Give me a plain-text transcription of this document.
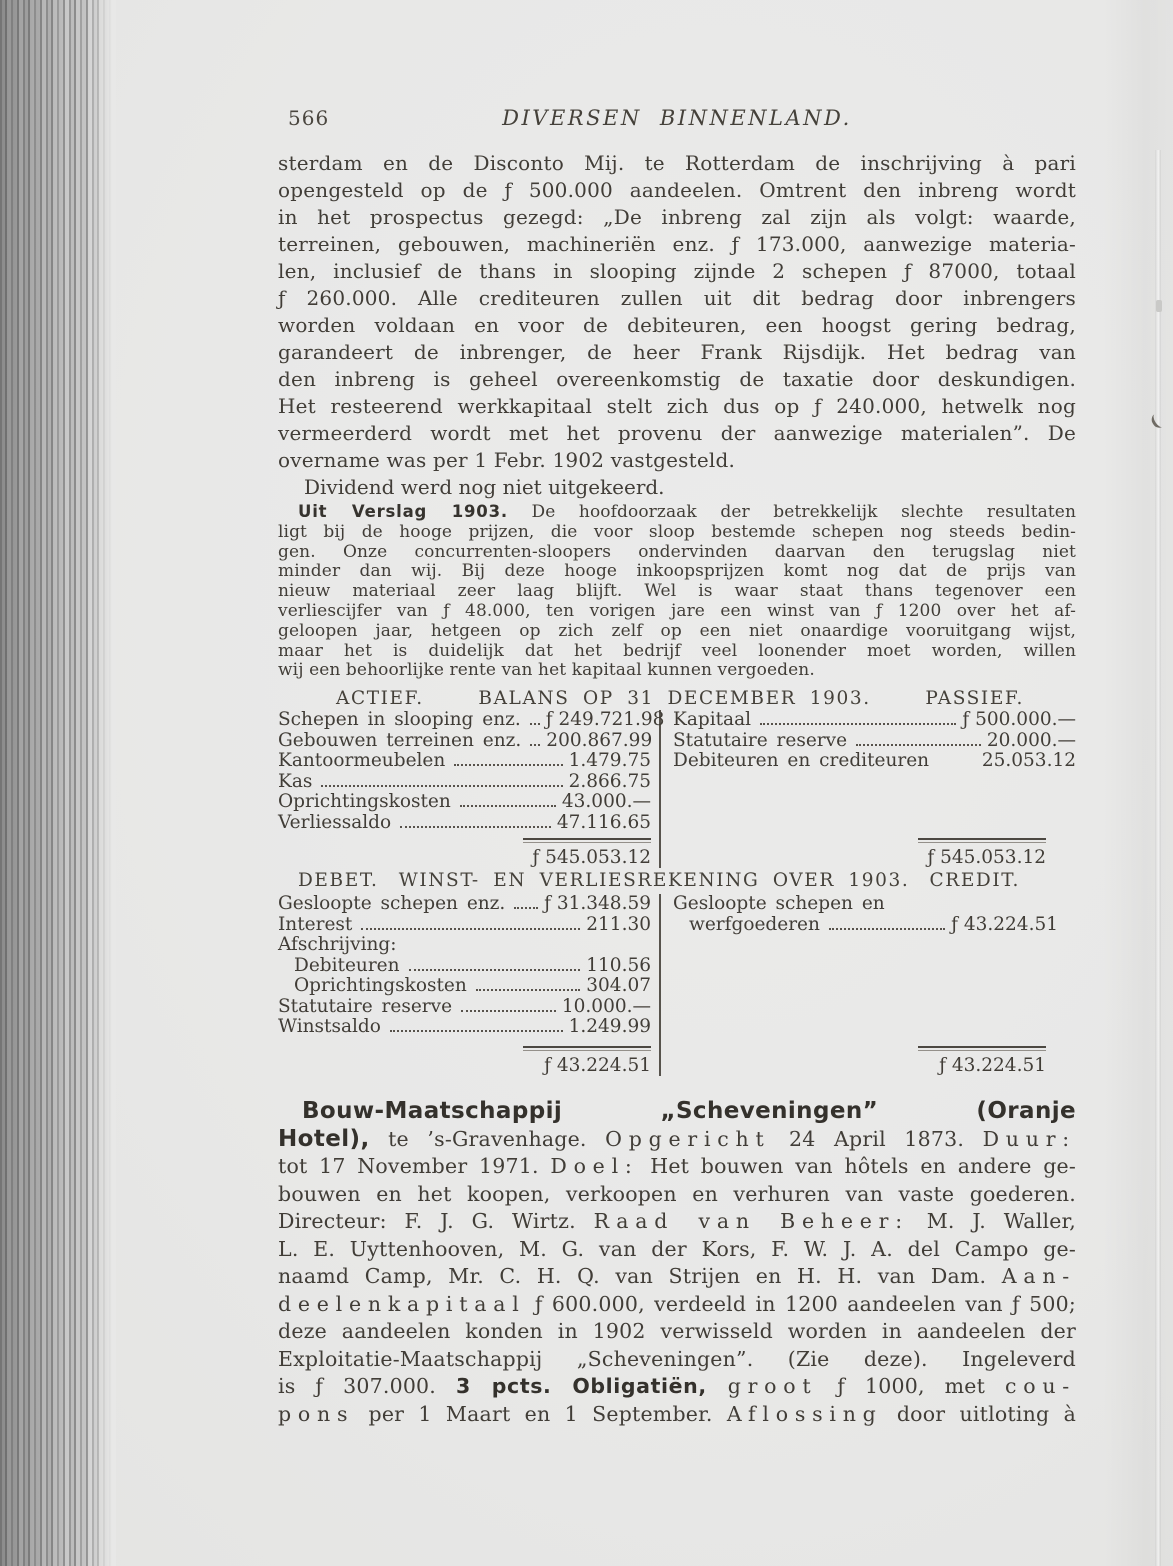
566	DIVERSEN BINNENLAND.
sterdam en de Disconto Mij. te Rotterdam de inschrijving à pari
opengesteld op de ƒ 500.000 aandeelen. Omtrent den inbreng wordt
in het prospectus gezegd: „De inbreng zal zijn als volgt: waarde,
terreinen, gebouwen, machineriën enz. ƒ 173.000, aanwezige materia-
len, inclusief de thans in slooping zijnde 2 schepen ƒ 87000, totaal
ƒ 260.000. Alle crediteuren zullen uit dit bedrag door inbrengers
worden voldaan en voor de debiteuren, een hoogst gering bedrag,
garandeert de inbrenger, de heer Frank Rijsdijk. Het bedrag van
den inbreng is geheel overeenkomstig de taxatie door deskundigen.
Het resteerend werkkapitaal stelt zich dus op ƒ 240.000, hetwelk nog
vermeerderd wordt met het provenu der aanwezige materialen”. De
overname was per 1 Febr. 1902 vastgesteld.
Dividend werd nog niet uitgekeerd.
Uit Verslag 1903. De hoofdoorzaak der betrekkelijk slechte resultaten
ligt bij de hooge prijzen, die voor sloop bestemde schepen nog steeds bedin-
gen. Onze concurrenten-sloopers ondervinden daarvan den terugslag niet
minder dan wij. Bij deze hooge inkoopsprijzen komt nog dat de prijs van
nieuw materiaal zeer laag blijft. Wel is waar staat thans tegenover een
verliescijfer van ƒ 48.000, ten vorigen jare een winst van ƒ 1200 over het af-
geloopen jaar, hetgeen op zich zelf op een niet onaardige vooruitgang wijst,
maar het is duidelijk dat het bedrijf veel loonender moet worden, willen
wij een behoorlijke rente van het kapitaal kunnen vergoeden.
ACTIEF.	BALANS OP 31 DECEMBER 1903.	PASSIEF.
Schepen in slooping enz. ƒ 249.721.98
Gebouwen terreinen enz. 200.867.99
Kantoormeubelen	1.479.75
Kas	2.866.75
Oprichtingskosten	43.000.—
Verliessaldo	47.116.65
ƒ 545.053.12
Kapitaal	ƒ 500.000.—
Statutaire reserve	20.000.—
Debiteuren en crediteuren	25.053.12
ƒ 545.053.12
DEBET. WINST- EN VERLIESREKENING OVER 1903. CREDIT.
Gesloopte schepen enz. ƒ 31.348.59
Interest	211.30
Afschrijving:
Debiteuren	110.56
Oprichtingskosten	304.07
Statutaire reserve	10.000.—
Winstsaldo	1.249.99
ƒ 43.224.51
Gesloopte schepen en
werfgoederen	ƒ 43.224.51
ƒ 43.224.51
Bouw-Maatschappij „Scheveningen” (Oranje
Hotel), te ’s-Gravenhage. Opgericht 24 April 1873. Duur:
tot 17 November 1971. Doel: Het bouwen van hôtels en andere ge-
bouwen en het koopen, verkoopen en verhuren van vaste goederen.
Directeur: F. J. G. Wirtz. Raad van Beheer: M. J. Waller,
L. E. Uyttenhooven, M. G. van der Kors, F. W. J. A. del Campo ge-
naamd Camp, Mr. C. H. Q. van Strijen en H. H. van Dam. Aan-
deelenkapitaal ƒ 600.000, verdeeld in 1200 aandeelen van ƒ 500;
deze aandeelen konden in 1902 verwisseld worden in aandeelen der
Exploitatie-Maatschappij „Scheveningen”. (Zie deze). Ingeleverd
is ƒ 307.000. 3 pcts. Obligatiën, groot ƒ 1000, met cou-
pons per 1 Maart en 1 September. Aflossing door uitloting à
